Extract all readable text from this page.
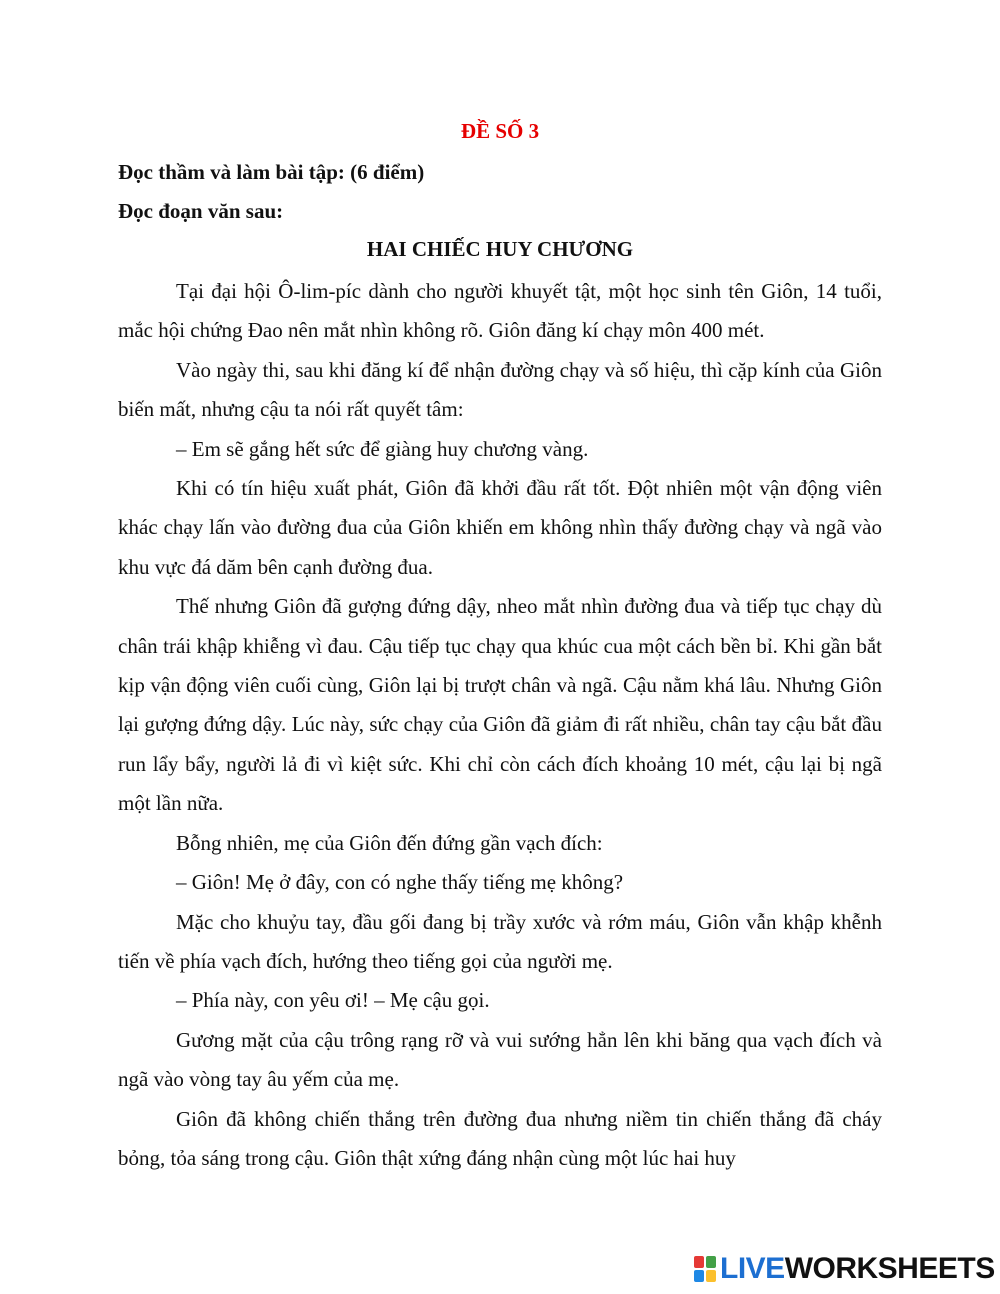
ĐỀ SỐ 3
Đọc thầm và làm bài tập: (6 điểm)
Đọc đoạn văn sau:
HAI CHIẾC HUY CHƯƠNG

Tại đại hội Ô-lim-píc dành cho người khuyết tật, một học sinh tên Giôn, 14 tuổi, mắc hội chứng Đao nên mắt nhìn không rõ. Giôn đăng kí chạy môn 400 mét.

Vào ngày thi, sau khi đăng kí để nhận đường chạy và số hiệu, thì cặp kính của Giôn biến mất, nhưng cậu ta nói rất quyết tâm:

– Em sẽ gắng hết sức để giàng huy chương vàng.

Khi có tín hiệu xuất phát, Giôn đã khởi đầu rất tốt. Đột nhiên một vận động viên khác chạy lấn vào đường đua của Giôn khiến em không nhìn thấy đường chạy và ngã vào khu vực đá dăm bên cạnh đường đua.

Thế nhưng Giôn đã gượng đứng dậy, nheo mắt nhìn đường đua và tiếp tục chạy dù chân trái khập khiễng vì đau. Cậu tiếp tục chạy qua khúc cua một cách bền bỉ. Khi gần bắt kịp vận động viên cuối cùng, Giôn lại bị trượt chân và ngã. Cậu nằm khá lâu. Nhưng Giôn lại gượng đứng dậy. Lúc này, sức chạy của Giôn đã giảm đi rất nhiều, chân tay cậu bắt đầu run lẩy bẩy, người lả đi vì kiệt sức. Khi chỉ còn cách đích khoảng 10 mét, cậu lại bị ngã một lần nữa.

Bỗng nhiên, mẹ của Giôn đến đứng gần vạch đích:

– Giôn! Mẹ ở đây, con có nghe thấy tiếng mẹ không?

Mặc cho khuỷu tay, đầu gối đang bị trầy xước và rớm máu, Giôn vẫn khập khễnh tiến về phía vạch đích, hướng theo tiếng gọi của người mẹ.

– Phía này, con yêu ơi! – Mẹ cậu gọi.

Gương mặt của cậu trông rạng rỡ và vui sướng hẳn lên khi băng qua vạch đích và ngã vào vòng tay âu yếm của mẹ.

Giôn đã không chiến thắng trên đường đua nhưng niềm tin chiến thắng đã cháy bỏng, tỏa sáng trong cậu. Giôn thật xứng đáng nhận cùng một lúc hai huy

LIVEWORKSHEETS
